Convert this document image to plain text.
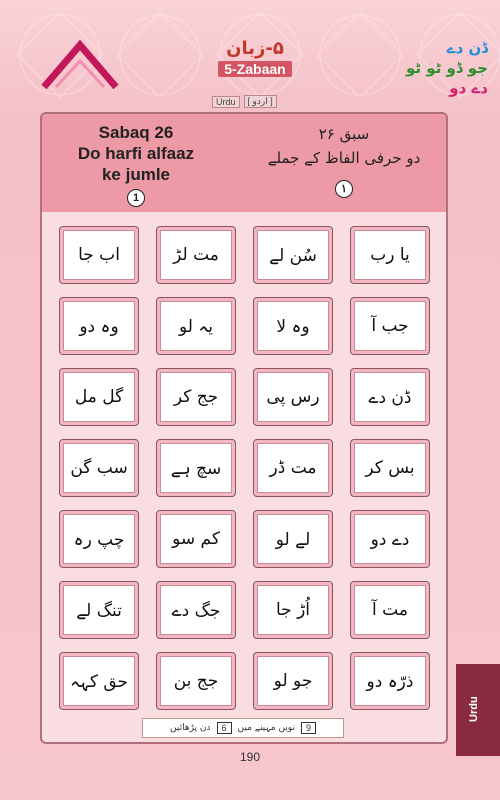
۵-زبان
5-Zabaan
Urdu	[ اردو ]
ڈن دے
جو ڈو ٹو ٹو
دے دو
Sabaq 26
Do harfi alfaaz
ke jumle
1
سبق ۲۶
دو حرفی الفاظ کے جملے
۱
یا رب
سُن لے
مت لڑ
اب جا
جب آ
وہ لا
یہ لو
وہ دو
ڈن دے
رس پی
جج کر
گل مل
بس کر
مت ڈر
سچ ہے
سب گن
دے دو
لے لو
کم سو
چپ رہ
مت آ
اُڑ جا
جگ دے
تنگ لے
ذرّہ دو
جو لو
جج بن
حق کہہ
9
نویں مہینے میں
6
دن پڑھائیں
190
Urdu
